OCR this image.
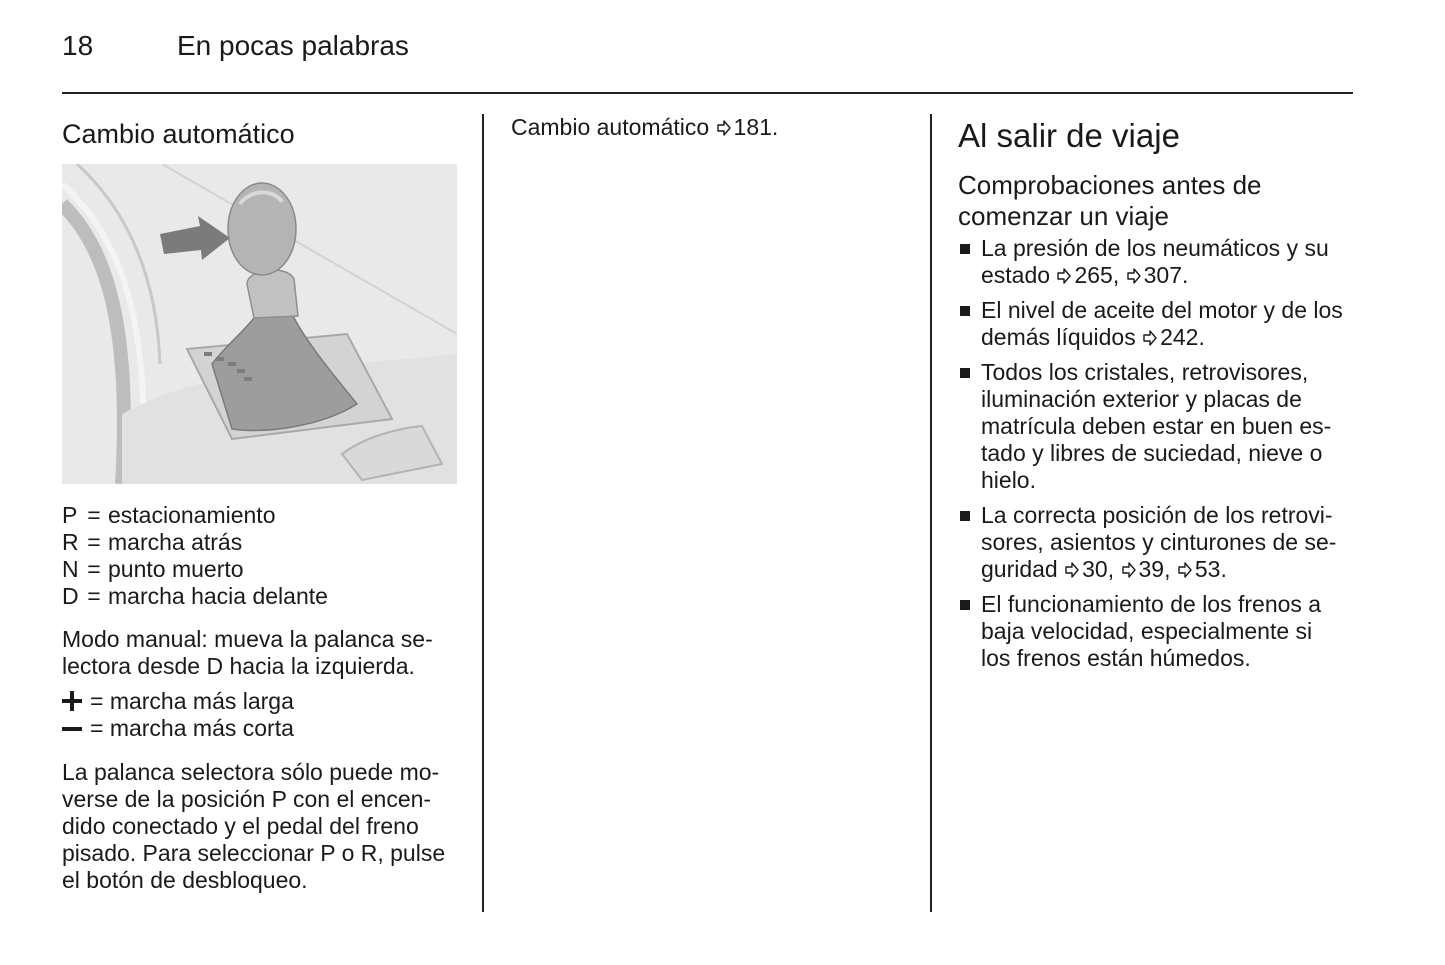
18	En pocas palabras
Cambio automático
P = estacionamiento
R = marcha atrás
N = punto muerto
D = marcha hacia delante

Modo manual: mueva la palanca se-
lectora desde D hacia la izquierda.

= marcha más larga
= marcha más corta

La palanca selectora sólo puede mo-
verse de la posición P con el encen-
dido conectado y el pedal del freno
pisado. Para seleccionar P o R, pulse
el botón de desbloqueo.

Cambio automático 181.	Al salir de viaje
Comprobaciones antes de
comenzar un viaje
La presión de los neumáticos y su
estado 265, 307.
El nivel de aceite del motor y de los
demás líquidos 242.
Todos los cristales, retrovisores,
iluminación exterior y placas de
matrícula deben estar en buen es-
tado y libres de suciedad, nieve o
hielo.
La correcta posición de los retrovi-
sores, asientos y cinturones de se-
guridad 30, 39, 53.
El funcionamiento de los frenos a
baja velocidad, especialmente si
los frenos están húmedos.
